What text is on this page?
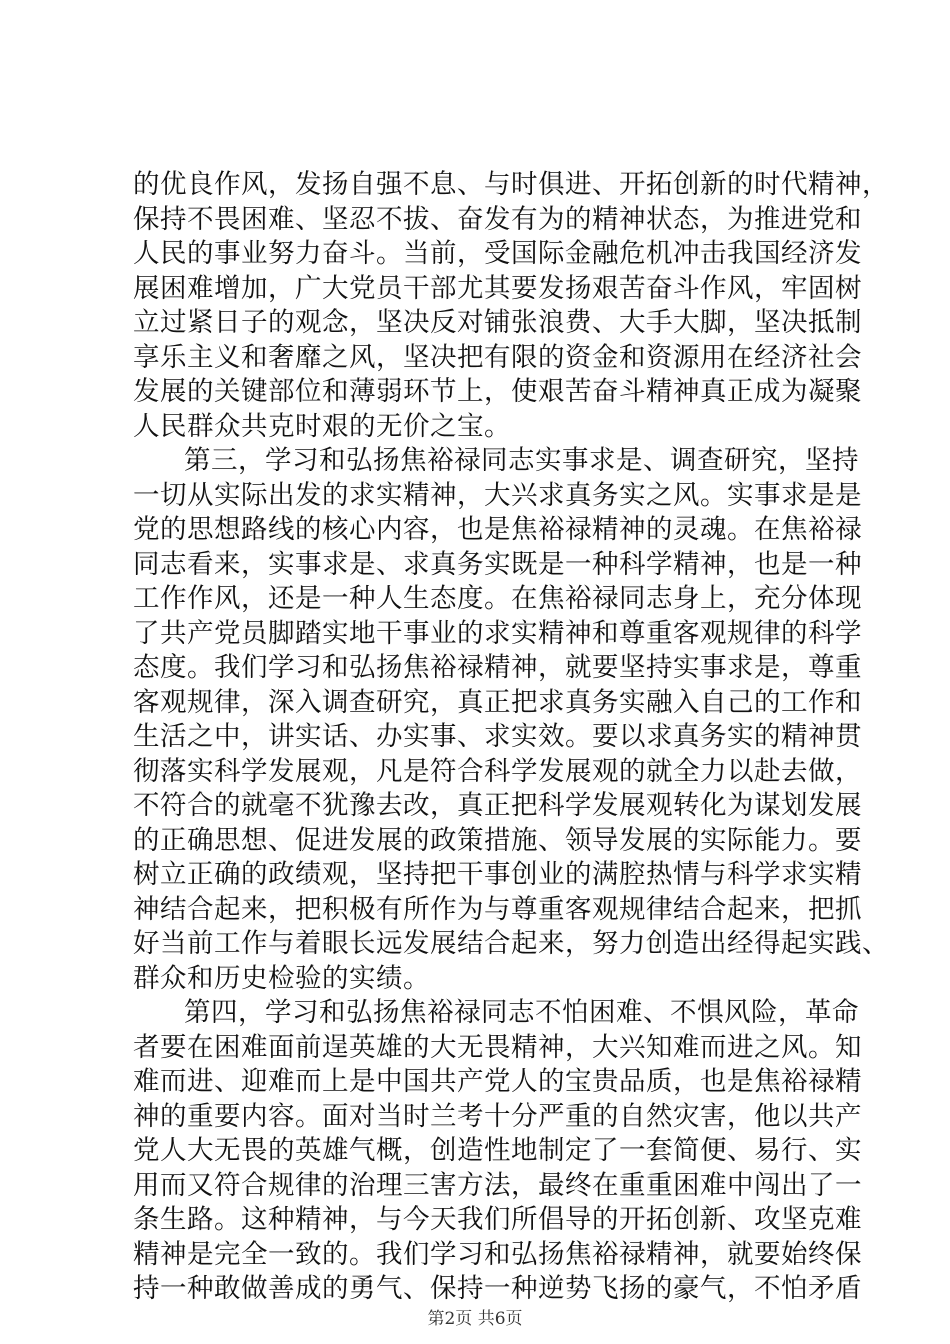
的优良作风，发扬自强不息、与时俱进、开拓创新的时代精神，
保持不畏困难、坚忍不拔、奋发有为的精神状态，为推进党和
人民的事业努力奋斗。当前，受国际金融危机冲击我国经济发
展困难增加，广大党员干部尤其要发扬艰苦奋斗作风，牢固树
立过紧日子的观念，坚决反对铺张浪费、大手大脚，坚决抵制
享乐主义和奢靡之风，坚决把有限的资金和资源用在经济社会
发展的关键部位和薄弱环节上，使艰苦奋斗精神真正成为凝聚
人民群众共克时艰的无价之宝。
第三，学习和弘扬焦裕禄同志实事求是、调查研究，坚持
一切从实际出发的求实精神，大兴求真务实之风。实事求是是
党的思想路线的核心内容，也是焦裕禄精神的灵魂。在焦裕禄
同志看来，实事求是、求真务实既是一种科学精神，也是一种
工作作风，还是一种人生态度。在焦裕禄同志身上，充分体现
了共产党员脚踏实地干事业的求实精神和尊重客观规律的科学
态度。我们学习和弘扬焦裕禄精神，就要坚持实事求是，尊重
客观规律，深入调查研究，真正把求真务实融入自己的工作和
生活之中，讲实话、办实事、求实效。要以求真务实的精神贯
彻落实科学发展观，凡是符合科学发展观的就全力以赴去做，
不符合的就毫不犹豫去改，真正把科学发展观转化为谋划发展
的正确思想、促进发展的政策措施、领导发展的实际能力。要
树立正确的政绩观，坚持把干事创业的满腔热情与科学求实精
神结合起来，把积极有所作为与尊重客观规律结合起来，把抓
好当前工作与着眼长远发展结合起来，努力创造出经得起实践、
群众和历史检验的实绩。
第四，学习和弘扬焦裕禄同志不怕困难、不惧风险，革命
者要在困难面前逞英雄的大无畏精神，大兴知难而进之风。知
难而进、迎难而上是中国共产党人的宝贵品质，也是焦裕禄精
神的重要内容。面对当时兰考十分严重的自然灾害，他以共产
党人大无畏的英雄气概，创造性地制定了一套简便、易行、实
用而又符合规律的治理三害方法，最终在重重困难中闯出了一
条生路。这种精神，与今天我们所倡导的开拓创新、攻坚克难
精神是完全一致的。我们学习和弘扬焦裕禄精神，就要始终保
持一种敢做善成的勇气、保持一种逆势飞扬的豪气，不怕矛盾
第2页 共6页
